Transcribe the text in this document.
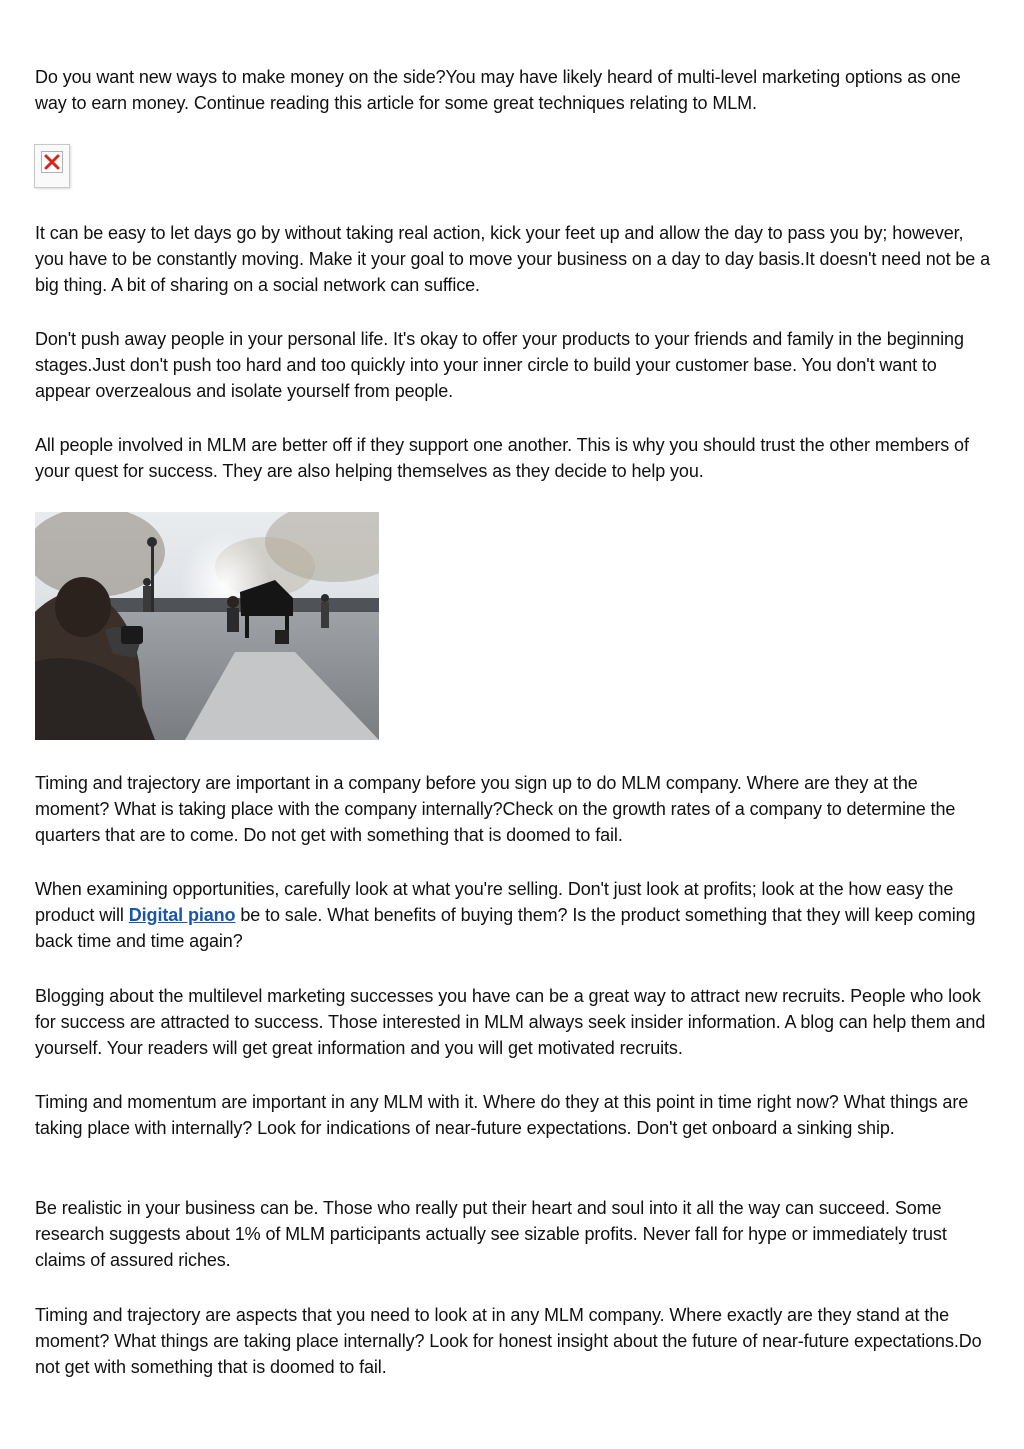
Do you want new ways to make money on the side?You may have likely heard of multi-level marketing options as one way to earn money. Continue reading this article for some great techniques relating to MLM.

It can be easy to let days go by without taking real action, kick your feet up and allow the day to pass you by; however, you have to be constantly moving. Make it your goal to move your business on a day to day basis.It doesn't need not be a big thing. A bit of sharing on a social network can suffice.

Don't push away people in your personal life. It's okay to offer your products to your friends and family in the beginning stages.Just don't push too hard and too quickly into your inner circle to build your customer base. You don't want to appear overzealous and isolate yourself from people.

All people involved in MLM are better off if they support one another. This is why you should trust the other members of your quest for success. They are also helping themselves as they decide to help you.

Timing and trajectory are important in a company before you sign up to do MLM company. Where are they at the moment? What is taking place with the company internally?Check on the growth rates of a company to determine the quarters that are to come. Do not get with something that is doomed to fail.

When examining opportunities, carefully look at what you're selling. Don't just look at profits; look at the how easy the product will Digital piano be to sale. What benefits of buying them? Is the product something that they will keep coming back time and time again?

Blogging about the multilevel marketing successes you have can be a great way to attract new recruits. People who look for success are attracted to success. Those interested in MLM always seek insider information. A blog can help them and yourself. Your readers will get great information and you will get motivated recruits.

Timing and momentum are important in any MLM with it. Where do they at this point in time right now? What things are taking place with internally? Look for indications of near-future expectations. Don't get onboard a sinking ship.

Be realistic in your business can be. Those who really put their heart and soul into it all the way can succeed. Some research suggests about 1% of MLM participants actually see sizable profits. Never fall for hype or immediately trust claims of assured riches.

Timing and trajectory are aspects that you need to look at in any MLM company. Where exactly are they stand at the moment? What things are taking place internally? Look for honest insight about the future of near-future expectations.Do not get with something that is doomed to fail.
